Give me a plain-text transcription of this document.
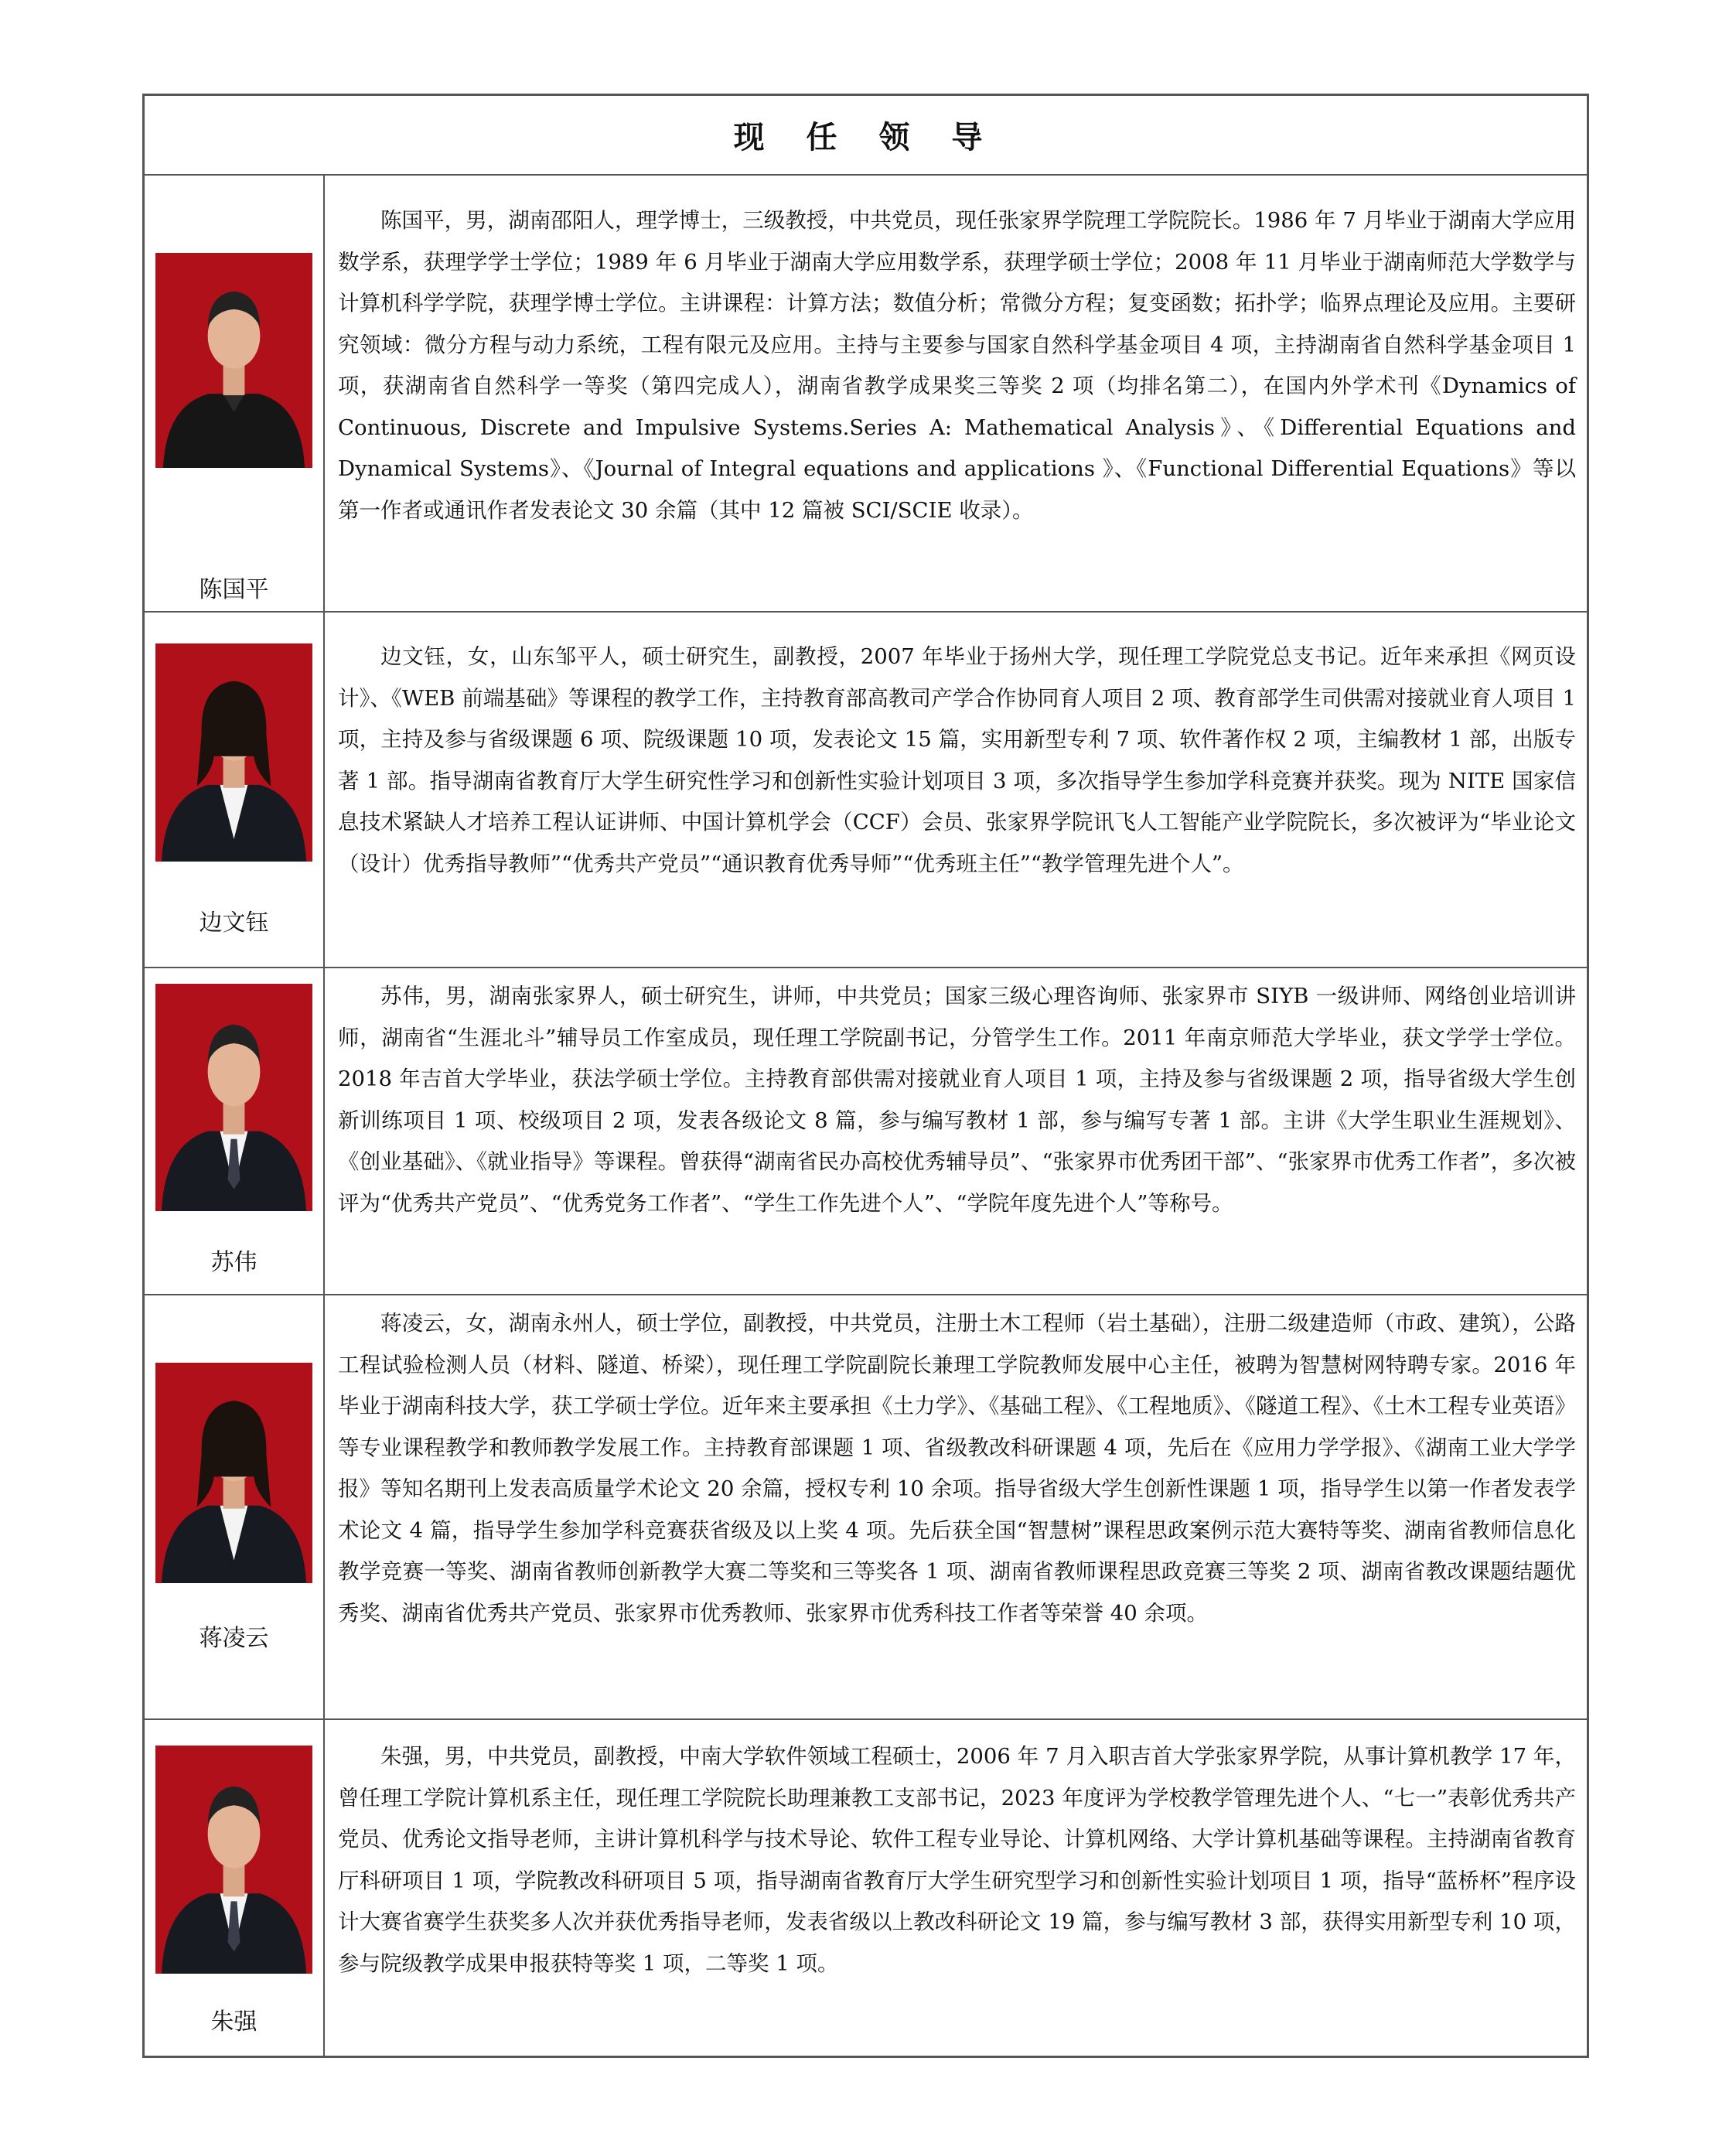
现 任 领 导
陈国平

陈国平，男，湖南邵阳人，理学博士，三级教授，中共党员，现任张家界学院理工学院院长。1986 年 7 月毕业于湖南大学应用数学系，获理学学士学位；1989 年 6 月毕业于湖南大学应用数学系，获理学硕士学位；2008 年 11 月毕业于湖南师范大学数学与计算机科学学院，获理学博士学位。主讲课程：计算方法；数值分析；常微分方程；复变函数；拓扑学；临界点理论及应用。主要研究领域：微分方程与动力系统，工程有限元及应用。主持与主要参与国家自然科学基金项目 4 项，主持湖南省自然科学基金项目 1 项，获湖南省自然科学一等奖（第四完成人），湖南省教学成果奖三等奖 2 项（均排名第二），在国内外学术刊《Dynamics of Continuous, Discrete and Impulsive Systems.Series A: Mathematical Analysis》、《Differential Equations and Dynamical Systems》、《Journal of Integral equations and applications 》、《Functional Differential Equations》等以第一作者或通讯作者发表论文 30 余篇（其中 12 篇被 SCI/SCIE 收录）。

边文钰

边文钰，女，山东邹平人，硕士研究生，副教授，2007 年毕业于扬州大学，现任理工学院党总支书记。近年来承担《网页设计》、《WEB 前端基础》等课程的教学工作，主持教育部高教司产学合作协同育人项目 2 项、教育部学生司供需对接就业育人项目 1 项，主持及参与省级课题 6 项、院级课题 10 项，发表论文 15 篇，实用新型专利 7 项、软件著作权 2 项，主编教材 1 部，出版专著 1 部。指导湖南省教育厅大学生研究性学习和创新性实验计划项目 3 项，多次指导学生参加学科竞赛并获奖。现为 NITE 国家信息技术紧缺人才培养工程认证讲师、中国计算机学会（CCF）会员、张家界学院讯飞人工智能产业学院院长，多次被评为“毕业论文（设计）优秀指导教师”“优秀共产党员”“通识教育优秀导师”“优秀班主任”“教学管理先进个人”。

苏伟

苏伟，男，湖南张家界人，硕士研究生，讲师，中共党员；国家三级心理咨询师、张家界市 SIYB 一级讲师、网络创业培训讲师，湖南省“生涯北斗”辅导员工作室成员，现任理工学院副书记，分管学生工作。2011 年南京师范大学毕业，获文学学士学位。2018 年吉首大学毕业，获法学硕士学位。主持教育部供需对接就业育人项目 1 项，主持及参与省级课题 2 项，指导省级大学生创新训练项目 1 项、校级项目 2 项，发表各级论文 8 篇，参与编写教材 1 部，参与编写专著 1 部。主讲《大学生职业生涯规划》、《创业基础》、《就业指导》等课程。曾获得“湖南省民办高校优秀辅导员”、“张家界市优秀团干部”、“张家界市优秀工作者”，多次被评为“优秀共产党员”、“优秀党务工作者”、“学生工作先进个人”、“学院年度先进个人”等称号。

蒋凌云

蒋凌云，女，湖南永州人，硕士学位，副教授，中共党员，注册土木工程师（岩土基础），注册二级建造师（市政、建筑），公路工程试验检测人员（材料、隧道、桥梁），现任理工学院副院长兼理工学院教师发展中心主任，被聘为智慧树网特聘专家。2016 年毕业于湖南科技大学，获工学硕士学位。近年来主要承担《土力学》、《基础工程》、《工程地质》、《隧道工程》、《土木工程专业英语》等专业课程教学和教师教学发展工作。主持教育部课题 1 项、省级教改科研课题 4 项，先后在《应用力学学报》、《湖南工业大学学报》等知名期刊上发表高质量学术论文 20 余篇，授权专利 10 余项。指导省级大学生创新性课题 1 项，指导学生以第一作者发表学术论文 4 篇，指导学生参加学科竞赛获省级及以上奖 4 项。先后获全国“智慧树”课程思政案例示范大赛特等奖、湖南省教师信息化教学竞赛一等奖、湖南省教师创新教学大赛二等奖和三等奖各 1 项、湖南省教师课程思政竞赛三等奖 2 项、湖南省教改课题结题优秀奖、湖南省优秀共产党员、张家界市优秀教师、张家界市优秀科技工作者等荣誉 40 余项。

朱强

朱强，男，中共党员，副教授，中南大学软件领域工程硕士，2006 年 7 月入职吉首大学张家界学院，从事计算机教学 17 年，曾任理工学院计算机系主任，现任理工学院院长助理兼教工支部书记，2023 年度评为学校教学管理先进个人、“七一”表彰优秀共产党员、优秀论文指导老师，主讲计算机科学与技术导论、软件工程专业导论、计算机网络、大学计算机基础等课程。主持湖南省教育厅科研项目 1 项，学院教改科研项目 5 项，指导湖南省教育厅大学生研究型学习和创新性实验计划项目 1 项，指导“蓝桥杯”程序设计大赛省赛学生获奖多人次并获优秀指导老师，发表省级以上教改科研论文 19 篇，参与编写教材 3 部，获得实用新型专利 10 项，参与院级教学成果申报获特等奖 1 项，二等奖 1 项。
